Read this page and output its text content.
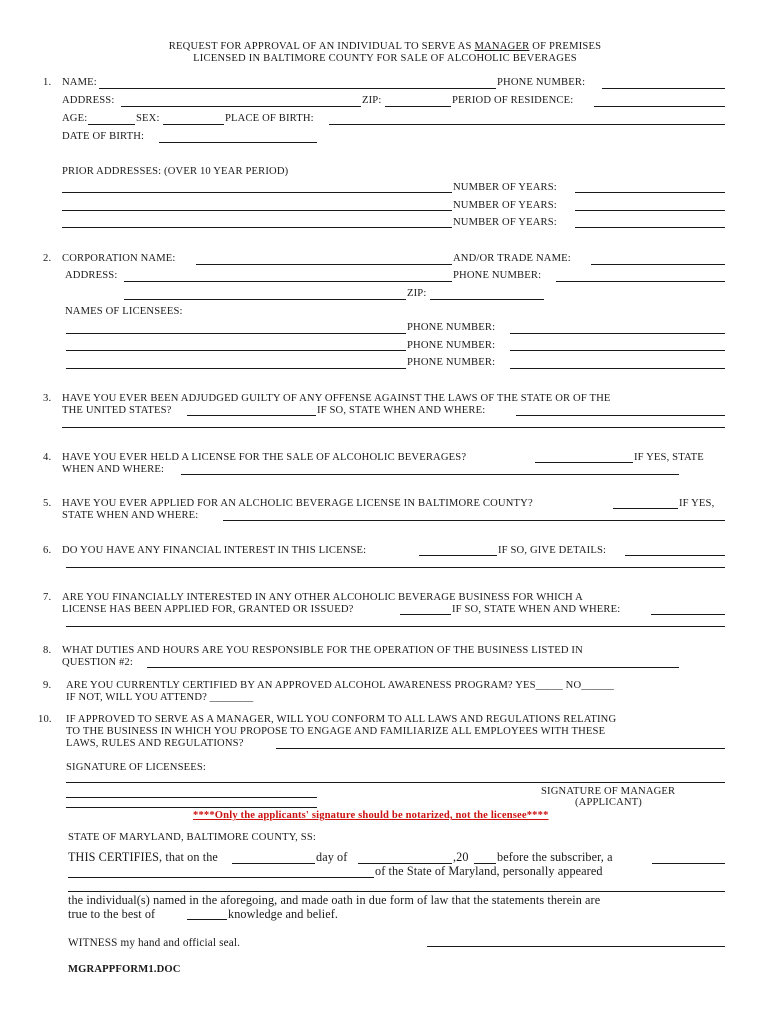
REQUEST FOR APPROVAL OF AN INDIVIDUAL TO SERVE AS MANAGER OF PREMISES
LICENSED IN BALTIMORE COUNTY FOR SALE OF ALCOHOLIC BEVERAGES
1. NAME:	PHONE NUMBER:
ADDRESS:	ZIP:	PERIOD OF RESIDENCE:
AGE:	SEX:	PLACE OF BIRTH:
DATE OF BIRTH:
PRIOR ADDRESSES: (OVER 10 YEAR PERIOD)
NUMBER OF YEARS:
NUMBER OF YEARS:
NUMBER OF YEARS:
2. CORPORATION NAME:	AND/OR TRADE NAME:
ADDRESS:	PHONE NUMBER:
ZIP:
NAMES OF LICENSEES:
PHONE NUMBER:
PHONE NUMBER:
PHONE NUMBER:
3. HAVE YOU EVER BEEN ADJUDGED GUILTY OF ANY OFFENSE AGAINST THE LAWS OF THE STATE OR OF THE
THE UNITED STATES?	IF SO, STATE WHEN AND WHERE:
4. HAVE YOU EVER HELD A LICENSE FOR THE SALE OF ALCOHOLIC BEVERAGES?	IF YES, STATE
WHEN AND WHERE:
5. HAVE YOU EVER APPLIED FOR AN ALCHOLIC BEVERAGE LICENSE IN BALTIMORE COUNTY?	IF YES,
STATE WHEN AND WHERE:
6. DO YOU HAVE ANY FINANCIAL INTEREST IN THIS LICENSE:	IF SO, GIVE DETAILS:
7. ARE YOU FINANCIALLY INTERESTED IN ANY OTHER ALCOHOLIC BEVERAGE BUSINESS FOR WHICH A
LICENSE HAS BEEN APPLIED FOR, GRANTED OR ISSUED?	IF SO, STATE WHEN AND WHERE:
8. WHAT DUTIES AND HOURS ARE YOU RESPONSIBLE FOR THE OPERATION OF THE BUSINESS LISTED IN
QUESTION #2:
9. ARE YOU CURRENTLY CERTIFIED BY AN APPROVED ALCOHOL AWARENESS PROGRAM? YES_____ NO______
IF NOT, WILL YOU ATTEND? ________
10. IF APPROVED TO SERVE AS A MANAGER, WILL YOU CONFORM TO ALL LAWS AND REGULATIONS RELATING
TO THE BUSINESS IN WHICH YOU PROPOSE TO ENGAGE AND FAMILIARIZE ALL EMPLOYEES WITH THESE
LAWS, RULES AND REGULATIONS?
SIGNATURE OF LICENSEES:
SIGNATURE OF MANAGER
(APPLICANT)
****Only the applicants' signature should be notarized, not the licensee****
STATE OF MARYLAND, BALTIMORE COUNTY, SS:
THIS CERTIFIES, that on the	day of	,20 before the subscriber, a
of the State of Maryland, personally appeared
the individual(s) named in the aforegoing, and made oath in due form of law that the statements therein are
true to the best of	knowledge and belief.
WITNESS my hand and official seal.
MGRAPPFORM1.DOC
